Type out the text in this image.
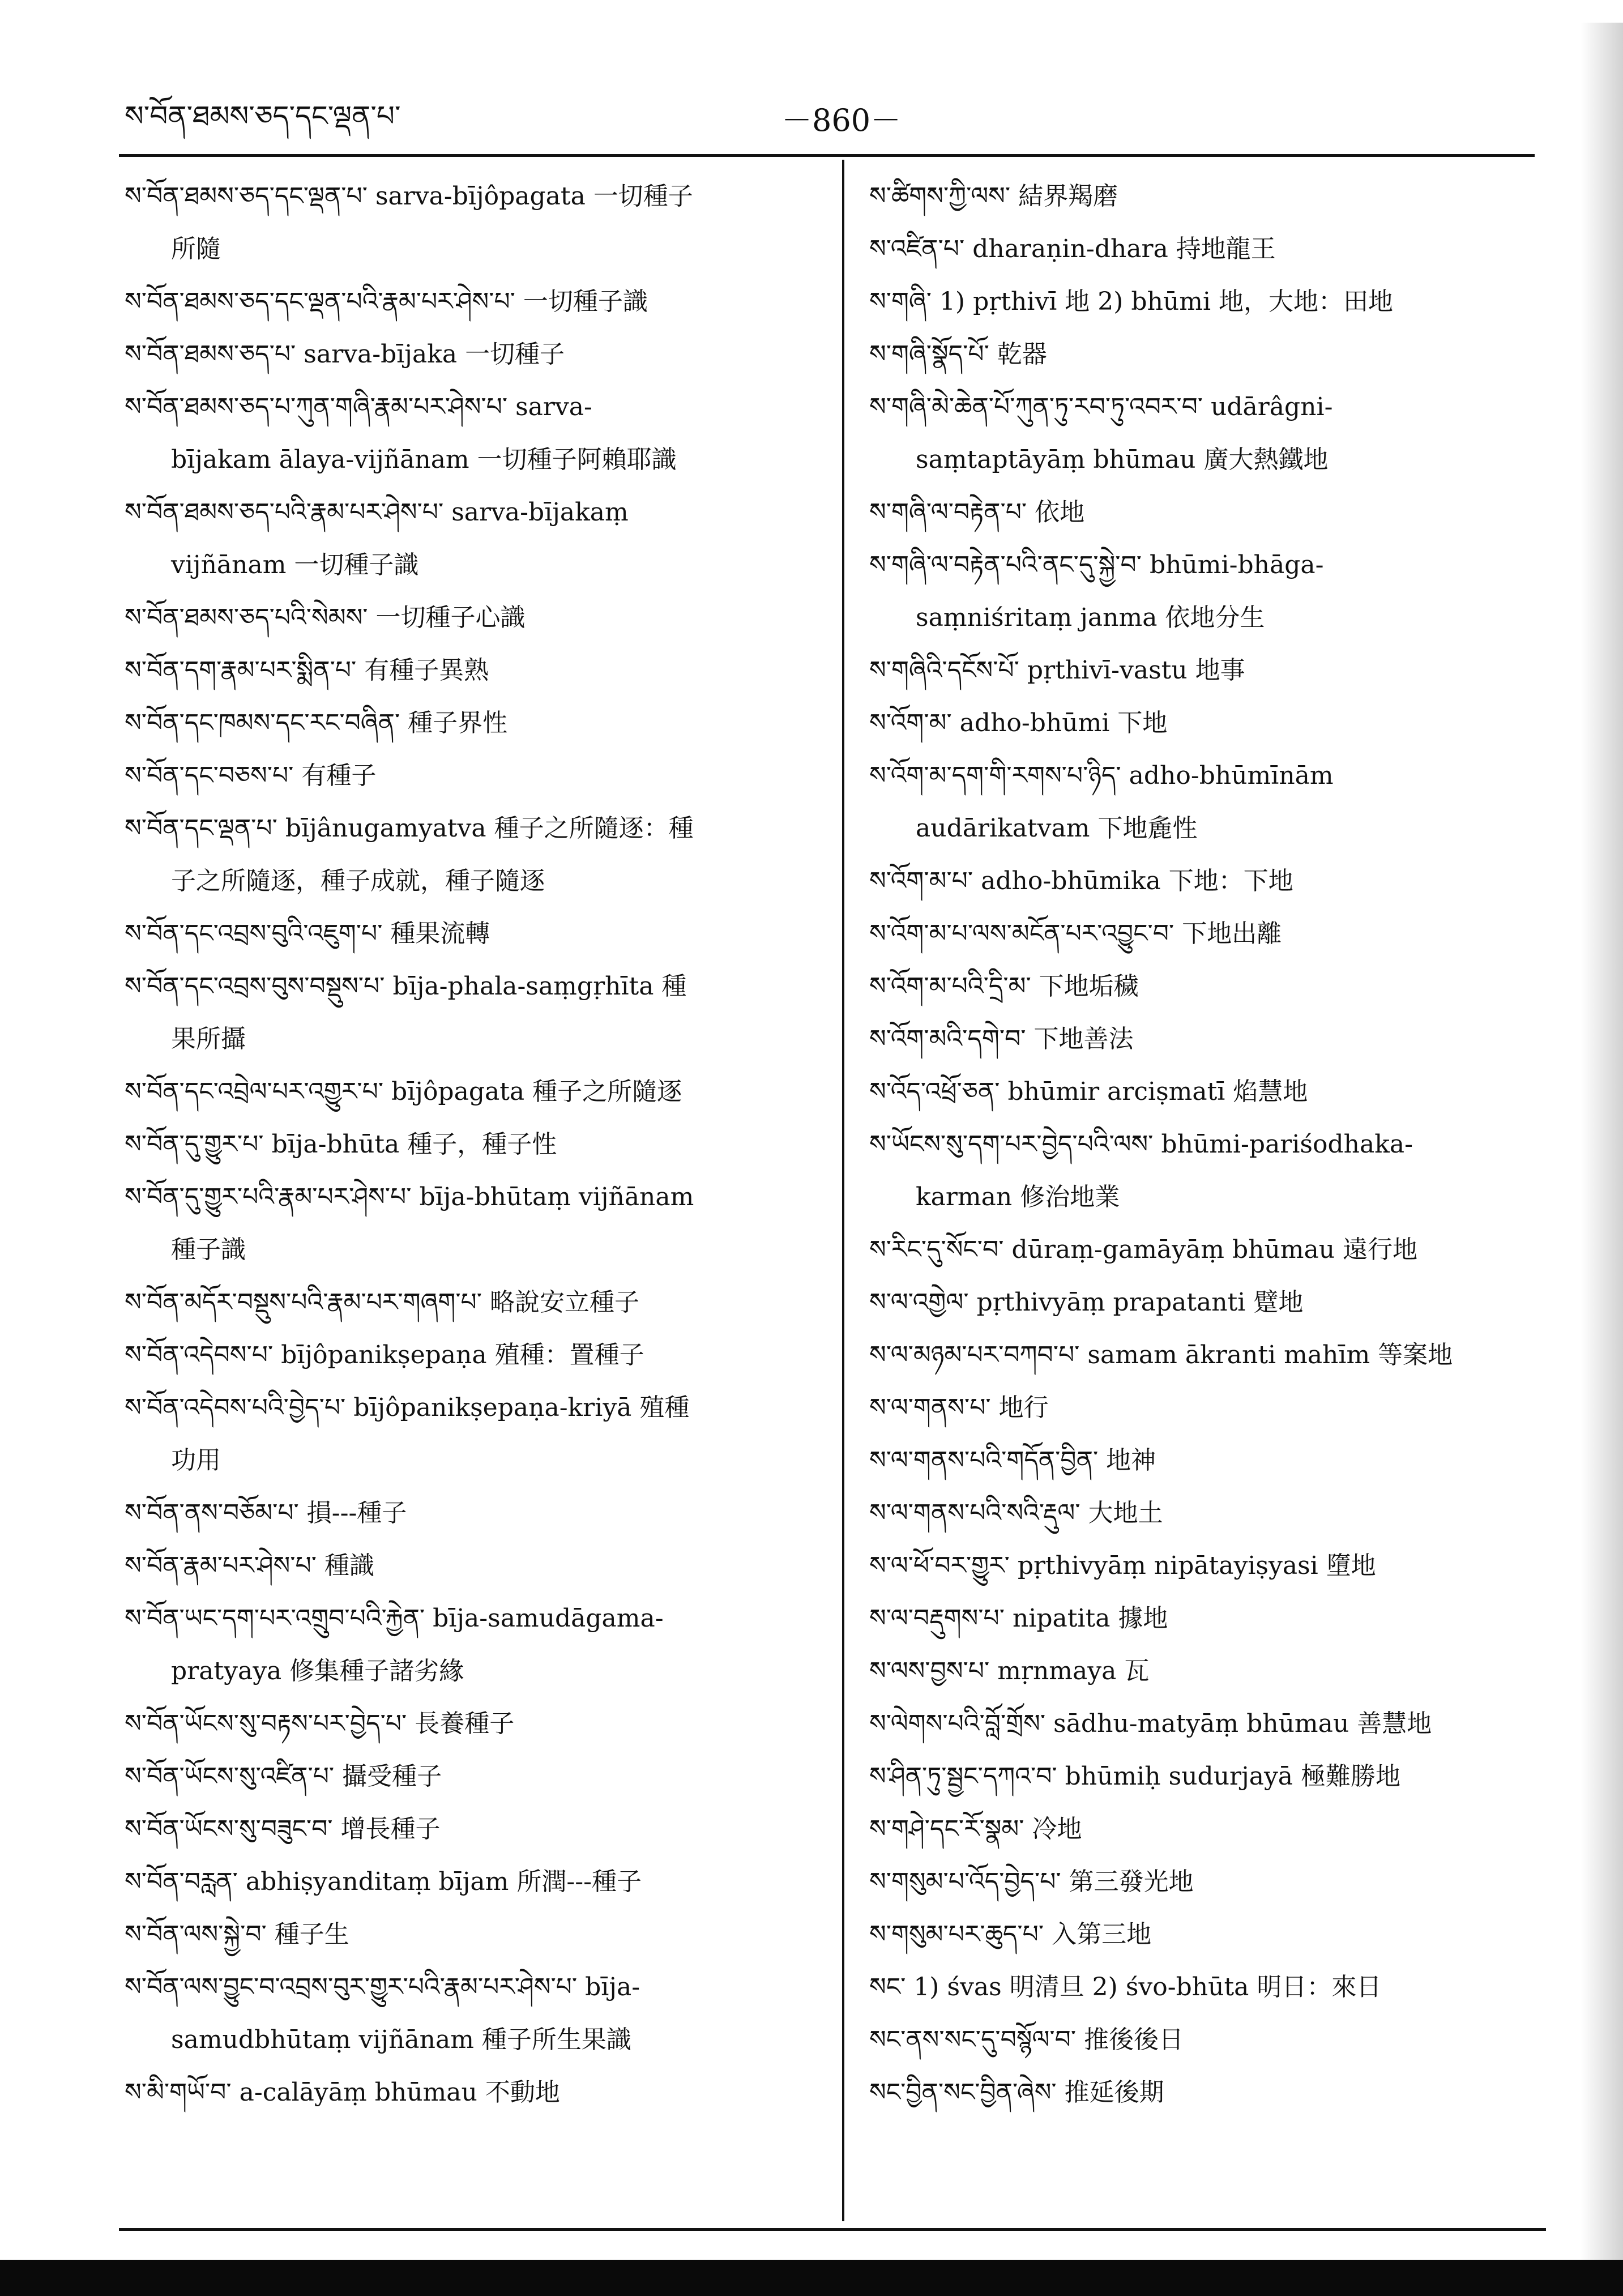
ས་བོན་ཐམས་ཅད་དང་ལྡན་པ་	－860－
ས་བོན་ཐམས་ཅད་དང་ལྡན་པ་ sarva-bījôpagata 一切種子
所隨
ས་བོན་ཐམས་ཅད་དང་ལྡན་པའི་རྣམ་པར་ཤེས་པ་ 一切種子識
ས་བོན་ཐམས་ཅད་པ་ sarva-bījaka 一切種子
ས་བོན་ཐམས་ཅད་པ་ཀུན་གཞི་རྣམ་པར་ཤེས་པ་ sarva-
bījakam ālaya-vijñānam 一切種子阿賴耶識
ས་བོན་ཐམས་ཅད་པའི་རྣམ་པར་ཤེས་པ་ sarva-bījakaṃ
vijñānam 一切種子識
ས་བོན་ཐམས་ཅད་པའི་སེམས་ 一切種子心識
ས་བོན་དག་རྣམ་པར་སྨིན་པ་ 有種子異熟
ས་བོན་དང་ཁམས་དང་རང་བཞིན་ 種子界性
ས་བོན་དང་བཅས་པ་ 有種子
ས་བོན་དང་ལྡན་པ་ bījânugamyatva 種子之所隨逐：種
子之所隨逐，種子成就，種子隨逐
ས་བོན་དང་འབྲས་བུའི་འཇུག་པ་ 種果流轉
ས་བོན་དང་འབྲས་བུས་བསྡུས་པ་ bīja-phala-saṃgṛhīta 種
果所攝
ས་བོན་དང་འབྲེལ་པར་འགྱུར་པ་ bījôpagata 種子之所隨逐
ས་བོན་དུ་གྱུར་པ་ bīja-bhūta 種子，種子性
ས་བོན་དུ་གྱུར་པའི་རྣམ་པར་ཤེས་པ་ bīja-bhūtaṃ vijñānam
種子識
ས་བོན་མདོར་བསྡུས་པའི་རྣམ་པར་གཞག་པ་ 略說安立種子
ས་བོན་འདེབས་པ་ bījôpanikṣepaṇa 殖種：置種子
ས་བོན་འདེབས་པའི་བྱེད་པ་ bījôpanikṣepaṇa-kriyā 殖種
功用
ས་བོན་ནས་བཅོམ་པ་ 損---種子
ས་བོན་རྣམ་པར་ཤེས་པ་ 種識
ས་བོན་ཡང་དག་པར་འགྲུབ་པའི་རྐྱེན་ bīja-samudāgama-
pratyaya 修集種子諸劣緣
ས་བོན་ཡོངས་སུ་བརྟས་པར་བྱེད་པ་ 長養種子
ས་བོན་ཡོངས་སུ་འཛིན་པ་ 攝受種子
ས་བོན་ཡོངས་སུ་བཟུང་བ་ 增長種子
ས་བོན་བརླན་ abhiṣyanditaṃ bījam 所潤---種子
ས་བོན་ལས་སྐྱེ་བ་ 種子生
ས་བོན་ལས་བྱུང་བ་འབྲས་བུར་གྱུར་པའི་རྣམ་པར་ཤེས་པ་ bīja-
samudbhūtaṃ vijñānam 種子所生果識
ས་མི་གཡོ་བ་ a-calāyāṃ bhūmau 不動地
ས་ཚིགས་ཀྱི་ལས་ 結界羯磨
ས་འཛིན་པ་ dharaṇin-dhara 持地龍王
ས་གཞི་ 1) pṛthivī 地 2) bhūmi 地，大地：田地
ས་གཞི་སྣོད་པོ་ 乾器
ས་གཞི་མེ་ཆེན་པོ་ཀུན་ཏུ་རབ་ཏུ་འབར་བ་ udārâgni-
saṃtaptāyāṃ bhūmau 廣大熱鐵地
ས་གཞི་ལ་བརྟེན་པ་ 依地
ས་གཞི་ལ་བརྟེན་པའི་ནང་དུ་སྐྱེ་བ་ bhūmi-bhāga-
saṃniśritaṃ janma 依地分生
ས་གཞིའི་དངོས་པོ་ pṛthivī-vastu 地事
ས་འོག་མ་ adho-bhūmi 下地
ས་འོག་མ་དག་གི་རགས་པ་ཉིད་ adho-bhūmīnām
audārikatvam 下地麁性
ས་འོག་མ་པ་ adho-bhūmika 下地：下地
ས་འོག་མ་པ་ལས་མངོན་པར་འབྱུང་བ་ 下地出離
ས་འོག་མ་པའི་དྲི་མ་ 下地垢穢
ས་འོག་མའི་དགེ་བ་ 下地善法
ས་འོད་འཕྲོ་ཅན་ bhūmir arciṣmatī 焰慧地
ས་ཡོངས་སུ་དག་པར་བྱེད་པའི་ལས་ bhūmi-pariśodhaka-
karman 修治地業
ས་རིང་དུ་སོང་བ་ dūraṃ-gamāyāṃ bhūmau 遠行地
ས་ལ་འགྱེལ་ pṛthivyāṃ prapatanti 躄地
ས་ལ་མཉམ་པར་བཀབ་པ་ samam ākranti mahīm 等案地
ས་ལ་གནས་པ་ 地行
ས་ལ་གནས་པའི་གདོན་བྱིན་ 地神
ས་ལ་གནས་པའི་སའི་རྡུལ་ 大地土
ས་ལ་ཕོ་བར་གྱུར་ pṛthivyāṃ nipātayiṣyasi 墮地
ས་ལ་བརྡུགས་པ་ nipatita 據地
ས་ལས་བྱས་པ་ mṛnmaya 瓦
ས་ལེགས་པའི་བློ་གྲོས་ sādhu-matyāṃ bhūmau 善慧地
ས་ཤིན་ཏུ་སྦྱང་དཀའ་བ་ bhūmiḥ sudurjayā 極難勝地
ས་གཤེ་དང་རོ་སྣམ་ 冷地
ས་གསུམ་པ་འོད་བྱེད་པ་ 第三發光地
ས་གསུམ་པར་ཆུད་པ་ 入第三地
སང་ 1) śvas 明清旦 2) śvo-bhūta 明日：來日
སང་ནས་སང་དུ་བསྙོལ་བ་ 推後後日
སང་བྱིན་སང་བྱིན་ཞེས་ 推延後期
